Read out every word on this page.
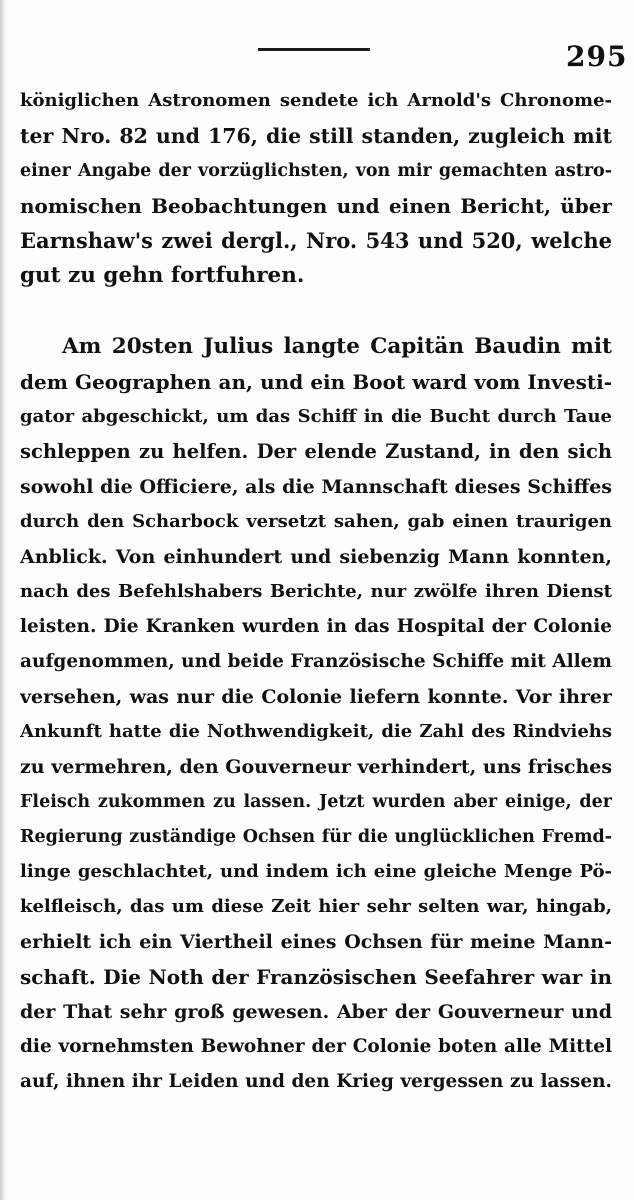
295
königlichen Astronomen sendete ich Arnold's Chronome-
ter Nro. 82 und 176, die still standen, zugleich mit
einer Angabe der vorzüglichsten, von mir gemachten astro-
nomischen Beobachtungen und einen Bericht, über
Earnshaw's zwei dergl., Nro. 543 und 520, welche
gut zu gehn fortfuhren.
Am 20sten Julius langte Capitän Baudin mit
dem Geographen an, und ein Boot ward vom Investi-
gator abgeschickt, um das Schiff in die Bucht durch Taue
schleppen zu helfen. Der elende Zustand, in den sich
sowohl die Officiere, als die Mannschaft dieses Schiffes
durch den Scharbock versetzt sahen, gab einen traurigen
Anblick. Von einhundert und siebenzig Mann konnten,
nach des Befehlshabers Berichte, nur zwölfe ihren Dienst
leisten. Die Kranken wurden in das Hospital der Colonie
aufgenommen, und beide Französische Schiffe mit Allem
versehen, was nur die Colonie liefern konnte. Vor ihrer
Ankunft hatte die Nothwendigkeit, die Zahl des Rindviehs
zu vermehren, den Gouverneur verhindert, uns frisches
Fleisch zukommen zu lassen. Jetzt wurden aber einige, der
Regierung zuständige Ochsen für die unglücklichen Fremd-
linge geschlachtet, und indem ich eine gleiche Menge Pö-
kelfleisch, das um diese Zeit hier sehr selten war, hingab,
erhielt ich ein Viertheil eines Ochsen für meine Mann-
schaft. Die Noth der Französischen Seefahrer war in
der That sehr groß gewesen. Aber der Gouverneur und
die vornehmsten Bewohner der Colonie boten alle Mittel
auf, ihnen ihr Leiden und den Krieg vergessen zu lassen.
